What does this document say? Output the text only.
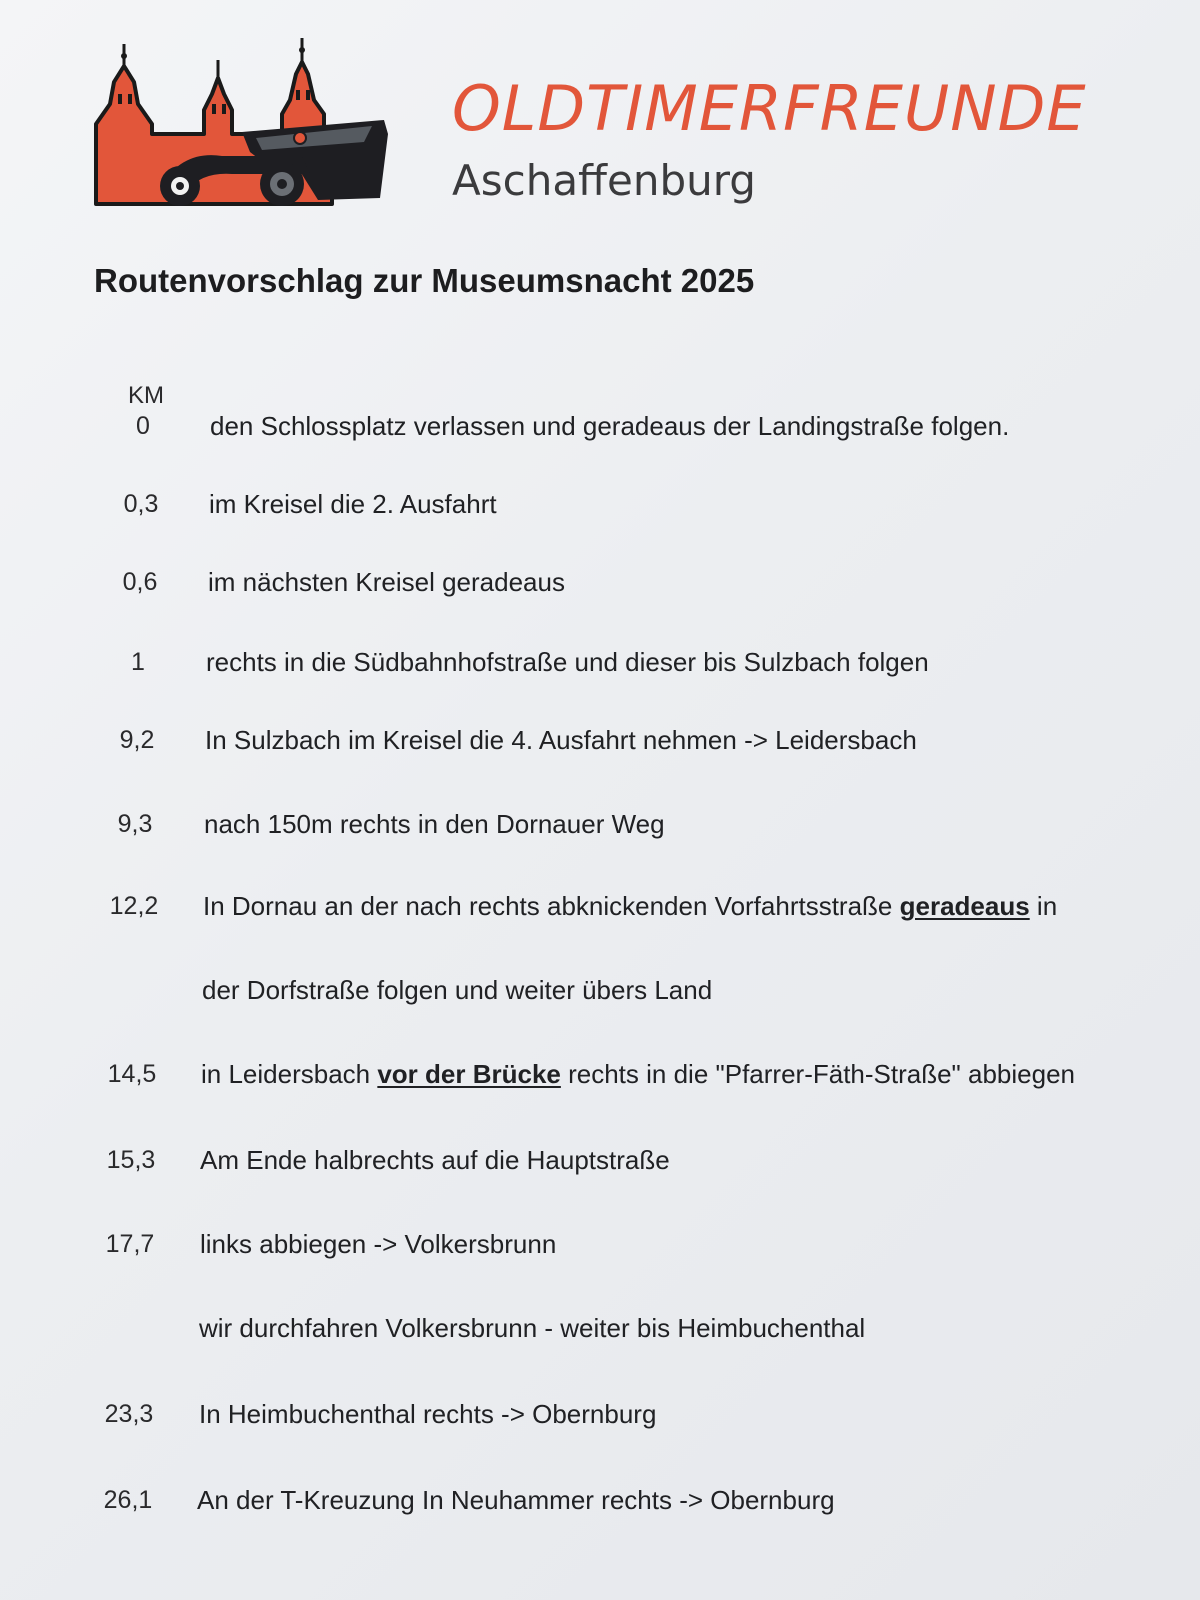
OLDTIMERFREUNDE
Aschaffenburg
Routenvorschlag zur Museumsnacht 2025
KM
0	den Schlossplatz verlassen und geradeaus der Landingstraße folgen.
0,3	im Kreisel die 2. Ausfahrt
0,6	im nächsten Kreisel geradeaus
1	rechts in die Südbahnhofstraße und dieser bis Sulzbach folgen
9,2	In Sulzbach im Kreisel die 4. Ausfahrt nehmen -> Leidersbach
9,3	nach 150m rechts in den Dornauer Weg
12,2	In Dornau an der nach rechts abknickenden Vorfahrtsstraße geradeaus in
der Dorfstraße folgen und weiter übers Land
14,5	in Leidersbach vor der Brücke rechts in die "Pfarrer-Fäth-Straße" abbiegen
15,3	Am Ende halbrechts auf die Hauptstraße
17,7	links abbiegen -> Volkersbrunn
wir durchfahren Volkersbrunn - weiter bis Heimbuchenthal
23,3	In Heimbuchenthal rechts -> Obernburg
26,1	An der T-Kreuzung In Neuhammer rechts -> Obernburg
